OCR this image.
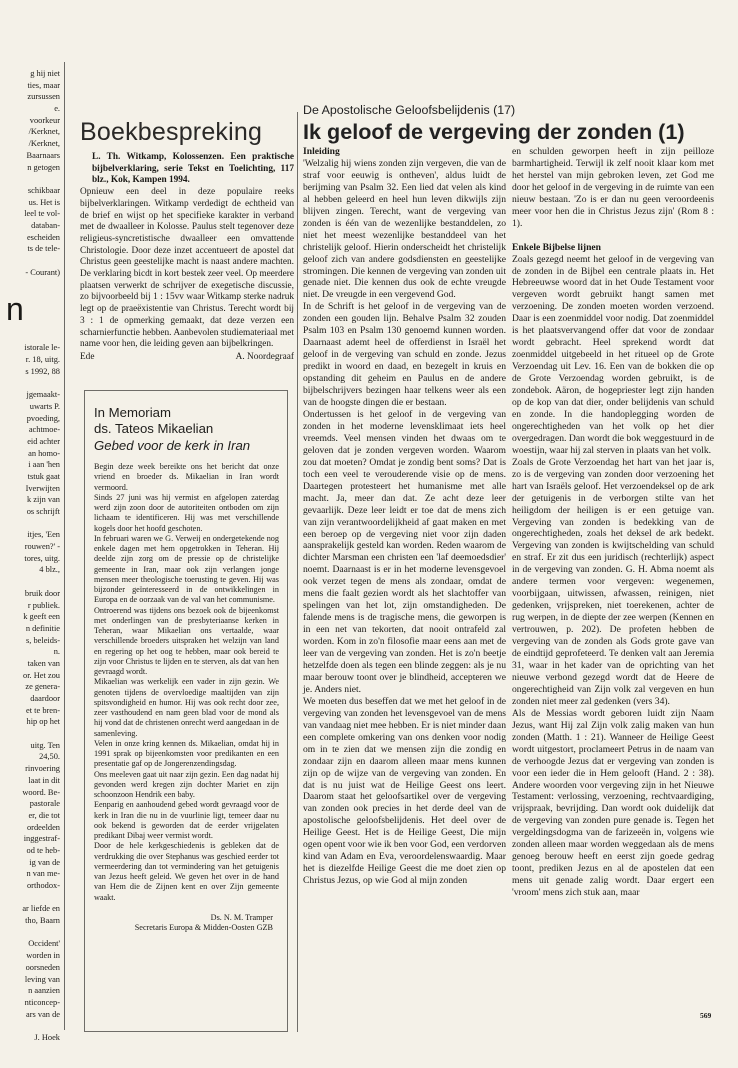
g hij niet
ties, maar
zursussen
e.
voorkeur
/Kerknet,
/Kerknet,
Baarnaars
n getogen
schikbaar
us. Het is
leel te vol-
databan-
escheiden
ts de tele-
- Courant)
n
istorale le-
r. 18, uitg.
s 1992, 88
jgemaakt-
uwarts P.
pvoeding,
achtmoe-
eid achter
an homo-
i aan 'hen
tstuk gaat
Iverwijten
k zijn van
os schrijft
itjes, 'Een
rouwen?' -
tores, uitg.
4 blz.,
bruik door
r publiek.
k geeft een
n definitie
s, beleids-
n.
taken van
or. Het zou
ze genera-
daardoor
et te bren-
hip op het
uitg. Ten
24,50.
rinvoering
laat in dit
woord. Be-
pastorale
er, die tot
ordeelden
inggestraf-
od te heb-
ig van de
n van me-
orthodox-
ar liefde en
tho, Baarn
Occident'
worden in
oorsneden
leving van
n aanzien
nticoncep-
ars van de
J. Hoek
Boekbespreking

L. Th. Witkamp, Kolossenzen. Een praktische bijbelverklaring, serie Tekst en Toelichting, 117 blz., Kok, Kampen 1994.

Opnieuw een deel in deze populaire reeks bijbelverklaringen. Witkamp verdedigt de echtheid van de brief en wijst op het specifieke karakter in verband met de dwaalleer in Kolosse. Paulus stelt tegenover deze religieus-syncretistische dwaalleer een omvattende Christologie. Door deze inzet accentueert de apostel dat Christus geen geestelijke macht is naast andere machten. De verklaring bicdt in kort bestek zeer veel. Op meerdere plaatsen verwerkt de schrijver de exegetische discussie, zo bijvoorbeeld bij 1 : 15vv waar Witkamp sterke nadruk legt op de praeëxistentie van Christus. Terecht wordt bij 3 : 1 de opmerking gemaakt, dat deze verzen een scharnierfunctie hebben. Aanbevolen studiemateriaal met name voor hen, die leiding geven aan bijbelkringen.

Ede	A. Noordegraaf
In Memoriam
ds. Tateos Mikaelian
Gebed voor de kerk in Iran

Begin deze week bereikte ons het bericht dat onze vriend en broeder ds. Mikaelian in Iran wordt vermoord.

Sinds 27 juni was hij vermist en afgelopen zaterdag werd zijn zoon door de autoriteiten ontboden om zijn lichaam te identificeren. Hij was met verschillende kogels door het hoofd geschoten.

In februari waren we G. Verweij en ondergetekende nog enkele dagen met hem opgetrokken in Teheran. Hij deelde zijn zorg om de pressie op de christelijke gemeente in Iran, maar ook zijn verlangen jonge mensen meer theologische toerusting te geven. Hij was bijzonder geïnteresseerd in de ontwikkelingen in Europa en de oorzaak van de val van het communisme.

Ontroerend was tijdens ons bezoek ook de bijeenkomst met onderlingen van de presbyteriaanse kerken in Teheran, waar Mikaelian ons vertaalde, waar verschillende broeders uitspraken het welzijn van land en regering op het oog te hebben, maar ook bereid te zijn voor Christus te lijden en te sterven, als dat van hen gevraagd wordt.

Mikaelian was werkelijk een vader in zijn gezin. We genoten tijdens de overvloedige maaltijden van zijn spitsvondigheid en humor. Hij was ook recht door zee, zeer vasthoudend en nam geen blad voor de mond als hij vond dat de christenen onrecht werd aangedaan in de samenleving.

Velen in onze kring kennen ds. Mikaelian, omdat hij in 1991 sprak op bijeenkomsten voor predikanten en een presentatie gaf op de Jongerenzendingsdag.

Ons meeleven gaat uit naar zijn gezin. Een dag nadat hij gevonden werd kregen zijn dochter Mariet en zijn schoonzoon Hendrik een baby.

Eenparig en aanhoudend gebed wordt gevraagd voor de kerk in Iran die nu in de vuurlinie ligt, temeer daar nu ook bekend is geworden dat de eerder vrijgelaten predikant Dibaj weer vermist wordt.

Door de hele kerkgeschiedenis is gebleken dat de verdrukking die over Stephanus was geschied eerder tot vermeerdering dan tot vermindering van het getuigenis van Jezus heeft geleid. We geven het over in de hand van Hem die de Zijnen kent en over Zijn gemeente waakt.

Ds. N. M. Tramper
Secretaris Europa & Midden-Oosten GZB
De Apostolische Geloofsbelijdenis (17)
Ik geloof de vergeving der zonden (1)
Inleiding

'Welzalig hij wiens zonden zijn vergeven, die van de straf voor eeuwig is ontheven', aldus luidt de berijming van Psalm 32. Een lied dat velen als kind al hebben geleerd en heel hun leven dikwijls zijn blijven zingen. Terecht, want de vergeving van zonden is één van de wezenlijke bestanddelen, zo niet het meest wezenlijke bestanddeel van het christelijk geloof. Hierin onderscheidt het christelijk geloof zich van andere godsdiensten en geestelijke stromingen. Die kennen de vergeving van zonden uit genade niet. Die kennen dus ook de echte vreugde niet. De vreugde in een vergevend God.

In de Schrift is het geloof in de vergeving van de zonden een gouden lijn. Behalve Psalm 32 zouden Psalm 103 en Psalm 130 genoemd kunnen worden. Daarnaast ademt heel de offerdienst in Israël het geloof in de vergeving van schuld en zonde. Jezus predikt in woord en daad, en bezegelt in kruis en opstanding dit geheim en Paulus en de andere bijbelschrijvers bezingen haar telkens weer als een van de hoogste dingen die er bestaan.

Ondertussen is het geloof in de vergeving van zonden in het moderne levensklimaat iets heel vreemds. Veel mensen vinden het dwaas om te geloven dat je zonden vergeven worden. Waarom zou dat moeten? Omdat je zondig bent soms? Dat is toch een veel te verouderende visie op de mens. Daartegen protesteert het humanisme met alle macht. Ja, meer dan dat. Ze acht deze leer gevaarlijk. Deze leer leidt er toe dat de mens zich van zijn verantwoordelijkheid af gaat maken en met een beroep op de vergeving niet voor zijn daden aansprakelijk gesteld kan worden. Reden waarom de dichter Marsman een christen een 'laf deemoedsdier' noemt. Daarnaast is er in het moderne levensgevoel ook verzet tegen de mens als zondaar, omdat de mens die faalt gezien wordt als het slachtoffer van spelingen van het lot, zijn omstandigheden. De falende mens is de tragische mens, die geworpen is in een net van tekorten, dat nooit ontrafeld zal worden. Kom in zo'n filosofie maar eens aan met de leer van de vergeving van zonden. Het is zo'n beetje hetzelfde doen als tegen een blinde zeggen: als je nu maar berouw toont over je blindheid, accepteren we je. Anders niet.

We moeten dus beseffen dat we met het geloof in de vergeving van zonden het levensgevoel van de mens van vandaag niet mee hebben. Er is niet minder daan een complete omkering van ons denken voor nodig om in te zien dat we mensen zijn die zondig en zondaar zijn en daarom alleen maar mens kunnen zijn op de wijze van de vergeving van zonden. En dat is nu juist wat de Heilige Geest ons leert. Daarom staat het geloofsartikel over de vergeving van zonden ook precies in het derde deel van de apostolische geloofsbelijdenis. Het deel over de Heilige Geest. Het is de Heilige Geest, Die mijn ogen opent voor wie ik ben voor God, een verdorven kind van Adam en Eva, veroordelenswaardig. Maar het is diezelfde Heilige Geest die me doet zien op Christus Jezus, op wie God al mijn zonden

en schulden geworpen heeft in zijn peilloze barmhartigheid. Terwijl ik zelf nooit klaar kom met het herstel van mijn gebroken leven, zet God me door het geloof in de vergeving in de ruimte van een nieuw bestaan. 'Zo is er dan nu geen veroordeenis meer voor hen die in Christus Jezus zijn' (Rom 8 : 1).

Enkele Bijbelse lijnen

Zoals gezegd neemt het geloof in de vergeving van de zonden in de Bijbel een centrale plaats in. Het Hebreeuwse woord dat in het Oude Testament voor vergeven wordt gebruikt hangt samen met verzoening. De zonden moeten worden verzoend. Daar is een zoenmiddel voor nodig. Dat zoenmiddel is het plaatsvervangend offer dat voor de zondaar wordt gebracht. Heel sprekend wordt dat zoenmiddel uitgebeeld in het ritueel op de Grote Verzoendag uit Lev. 16. Een van de bokken die op de Grote Verzoendag worden gebruikt, is de zondebok. Aäron, de hogepriester legt zijn handen op de kop van dat dier, onder belijdenis van schuld en zonde. In die handoplegging worden de ongerechtigheden van het volk op het dier overgedragen. Dan wordt die bok weggestuurd in de woestijn, waar hij zal sterven in plaats van het volk.

Zoals de Grote Verzoendag het hart van het jaar is, zo is de vergeving van zonden door verzoening het hart van Israëls geloof. Het verzoendeksel op de ark der getuigenis in de verborgen stilte van het heiligdom der heiligen is er een getuige van. Vergeving van zonden is bedekking van de ongerechtigheden, zoals het deksel de ark bedekt. Vergeving van zonden is kwijtschelding van schuld en straf. Er zit dus een juridisch (rechterlijk) aspect in de vergeving van zonden. G. H. Abma noemt als andere termen voor vergeven: wegenemen, voorbijgaan, uitwissen, afwassen, reinigen, niet gedenken, vrijspreken, niet toerekenen, achter de rug werpen, in de diepte der zee werpen (Kennen en vertrouwen, p. 202). De profeten hebben de vergeving van de zonden als Gods grote gave van de eindtijd geprofeteerd. Te denken valt aan Jeremia 31, waar in het kader van de oprichting van het nieuwe verbond gezegd wordt dat de Heere de ongerechtigheid van Zijn volk zal vergeven en hun zonden niet meer zal gedenken (vers 34).

Als de Messias wordt geboren luidt zijn Naam Jezus, want Hij zal Zijn volk zalig maken van hun zonden (Matth. 1 : 21). Wanneer de Heilige Geest wordt uitgestort, proclameert Petrus in de naam van de verhoogde Jezus dat er vergeving van zonden is voor een ieder die in Hem gelooft (Hand. 2 : 38). Andere woorden voor vergeving zijn in het Nieuwe Testament: verlossing, verzoening, rechtvaardiging, vrijspraak, bevrijding. Dan wordt ook duidelijk dat de vergeving van zonden pure genade is. Tegen het vergeldingsdogma van de farizeeën in, volgens wie zonden alleen maar worden weggedaan als de mens genoeg berouw heeft en eerst zijn goede gedrag toont, prediken Jezus en al de apostelen dat een mens uit genade zalig wordt. Daar ergert een 'vroom' mens zich stuk aan, maar

569
